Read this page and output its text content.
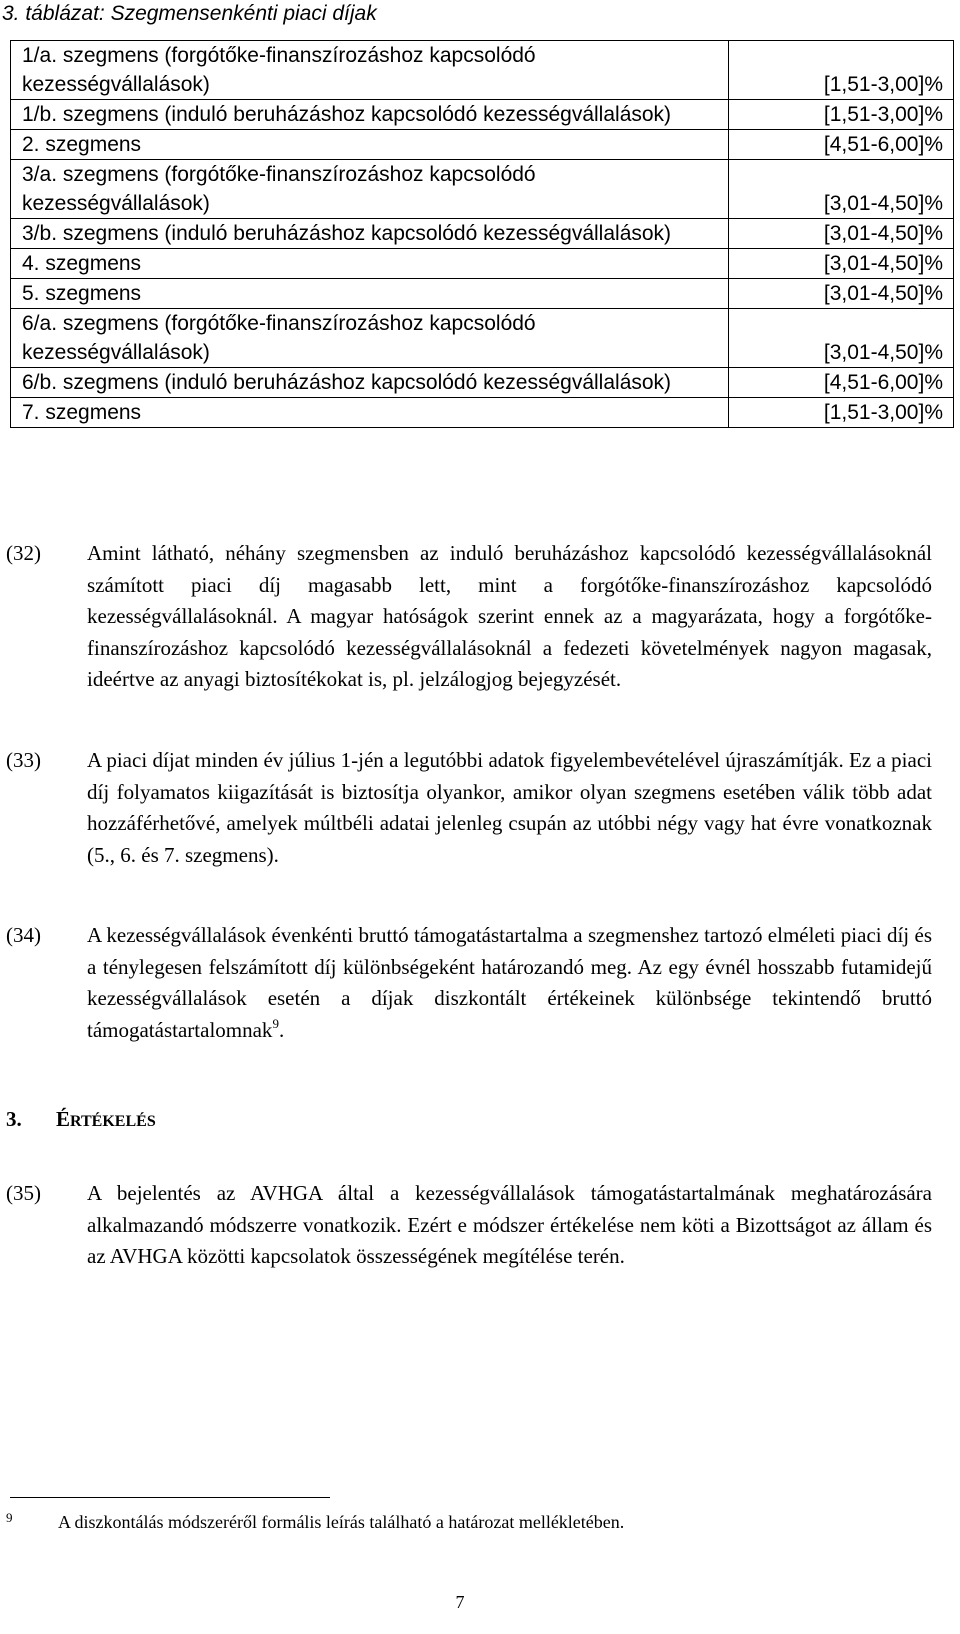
3. táblázat: Szegmensenkénti piaci díjak
1/a. szegmens (forgótőke-finanszírozáshoz kapcsolódó kezességvállalások)	[1,51-3,00]%
1/b. szegmens (induló beruházáshoz kapcsolódó kezességvállalások)	[1,51-3,00]%
2. szegmens	[4,51-6,00]%
3/a. szegmens (forgótőke-finanszírozáshoz kapcsolódó kezességvállalások)	[3,01-4,50]%
3/b. szegmens (induló beruházáshoz kapcsolódó kezességvállalások)	[3,01-4,50]%
4. szegmens	[3,01-4,50]%
5. szegmens	[3,01-4,50]%
6/a. szegmens (forgótőke-finanszírozáshoz kapcsolódó kezességvállalások)	[3,01-4,50]%
6/b. szegmens (induló beruházáshoz kapcsolódó kezességvállalások)	[4,51-6,00]%
7. szegmens	[1,51-3,00]%
(32) Amint látható, néhány szegmensben az induló beruházáshoz kapcsolódó kezességvállalásoknál számított piaci díj magasabb lett, mint a forgótőke-finanszírozáshoz kapcsolódó kezességvállalásoknál. A magyar hatóságok szerint ennek az a magyarázata, hogy a forgótőke-finanszírozáshoz kapcsolódó kezességvállalásoknál a fedezeti követelmények nagyon magasak, ideértve az anyagi biztosítékokat is, pl. jelzálogjog bejegyzését.
(33) A piaci díjat minden év július 1-jén a legutóbbi adatok figyelembevételével újraszámítják. Ez a piaci díj folyamatos kiigazítását is biztosítja olyankor, amikor olyan szegmens esetében válik több adat hozzáférhetővé, amelyek múltbéli adatai jelenleg csupán az utóbbi négy vagy hat évre vonatkoznak (5., 6. és 7. szegmens).
(34) A kezességvállalások évenkénti bruttó támogatástartalma a szegmenshez tartozó elméleti piaci díj és a ténylegesen felszámított díj különbségeként határozandó meg. Az egy évnél hosszabb futamidejű kezességvállalások esetén a díjak diszkontált értékeinek különbsége tekintendő bruttó támogatástartalomnak$^9$.
3. ÉRTÉKELÉS
(35) A bejelentés az AVHGA által a kezességvállalások támogatástartalmának meghatározására alkalmazandó módszerre vonatkozik. Ezért e módszer értékelése nem köti a Bizottságot az állam és az AVHGA közötti kapcsolatok összességének megítélése terén.
9	A diszkontálás módszeréről formális leírás található a határozat mellékletében.
7
